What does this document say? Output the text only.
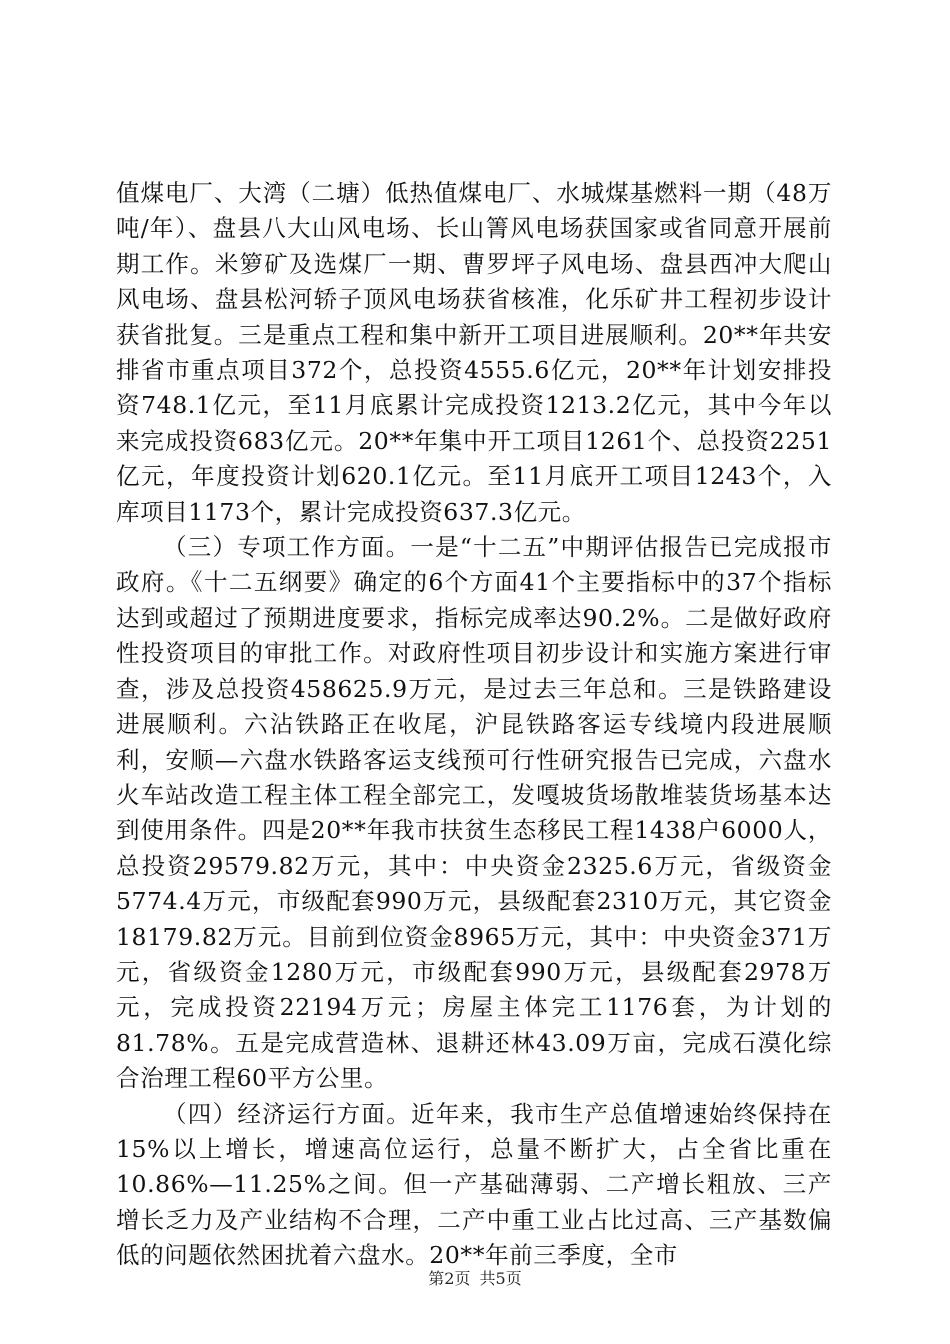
值煤电厂、大湾（二塘）低热值煤电厂、水城煤基燃料一期（48万吨/年）、盘县八大山风电场、长山箐风电场获国家或省同意开展前期工作。米箩矿及选煤厂一期、曹罗坪子风电场、盘县西冲大爬山风电场、盘县松河轿子顶风电场获省核准，化乐矿井工程初步设计获省批复。三是重点工程和集中新开工项目进展顺利。20**年共安排省市重点项目372个，总投资4555.6亿元，20**年计划安排投资748.1亿元，至11月底累计完成投资1213.2亿元，其中今年以来完成投资683亿元。20**年集中开工项目1261个、总投资2251亿元，年度投资计划620.1亿元。至11月底开工项目1243个，入库项目1173个，累计完成投资637.3亿元。

（三）专项工作方面。一是“十二五”中期评估报告已完成报市政府。《十二五纲要》确定的6个方面41个主要指标中的37个指标达到或超过了预期进度要求，指标完成率达90.2%。二是做好政府性投资项目的审批工作。对政府性项目初步设计和实施方案进行审查，涉及总投资458625.9万元，是过去三年总和。三是铁路建设进展顺利。六沾铁路正在收尾，沪昆铁路客运专线境内段进展顺利，安顺—六盘水铁路客运支线预可行性研究报告已完成，六盘水火车站改造工程主体工程全部完工，发嘎坡货场散堆装货场基本达到使用条件。四是20**年我市扶贫生态移民工程1438户6000人，总投资29579.82万元，其中：中央资金2325.6万元，省级资金5774.4万元，市级配套990万元，县级配套2310万元，其它资金18179.82万元。目前到位资金8965万元，其中：中央资金371万元，省级资金1280万元，市级配套990万元，县级配套2978万元，完成投资22194万元；房屋主体完工1176套，为计划的81.78%。五是完成营造林、退耕还林43.09万亩，完成石漠化综合治理工程60平方公里。

（四）经济运行方面。近年来，我市生产总值增速始终保持在15%以上增长，增速高位运行，总量不断扩大，占全省比重在10.86%—11.25%之间。但一产基础薄弱、二产增长粗放、三产增长乏力及产业结构不合理，二产中重工业占比过高、三产基数偏低的问题依然困扰着六盘水。20**年前三季度，全市

第2页 共5页
